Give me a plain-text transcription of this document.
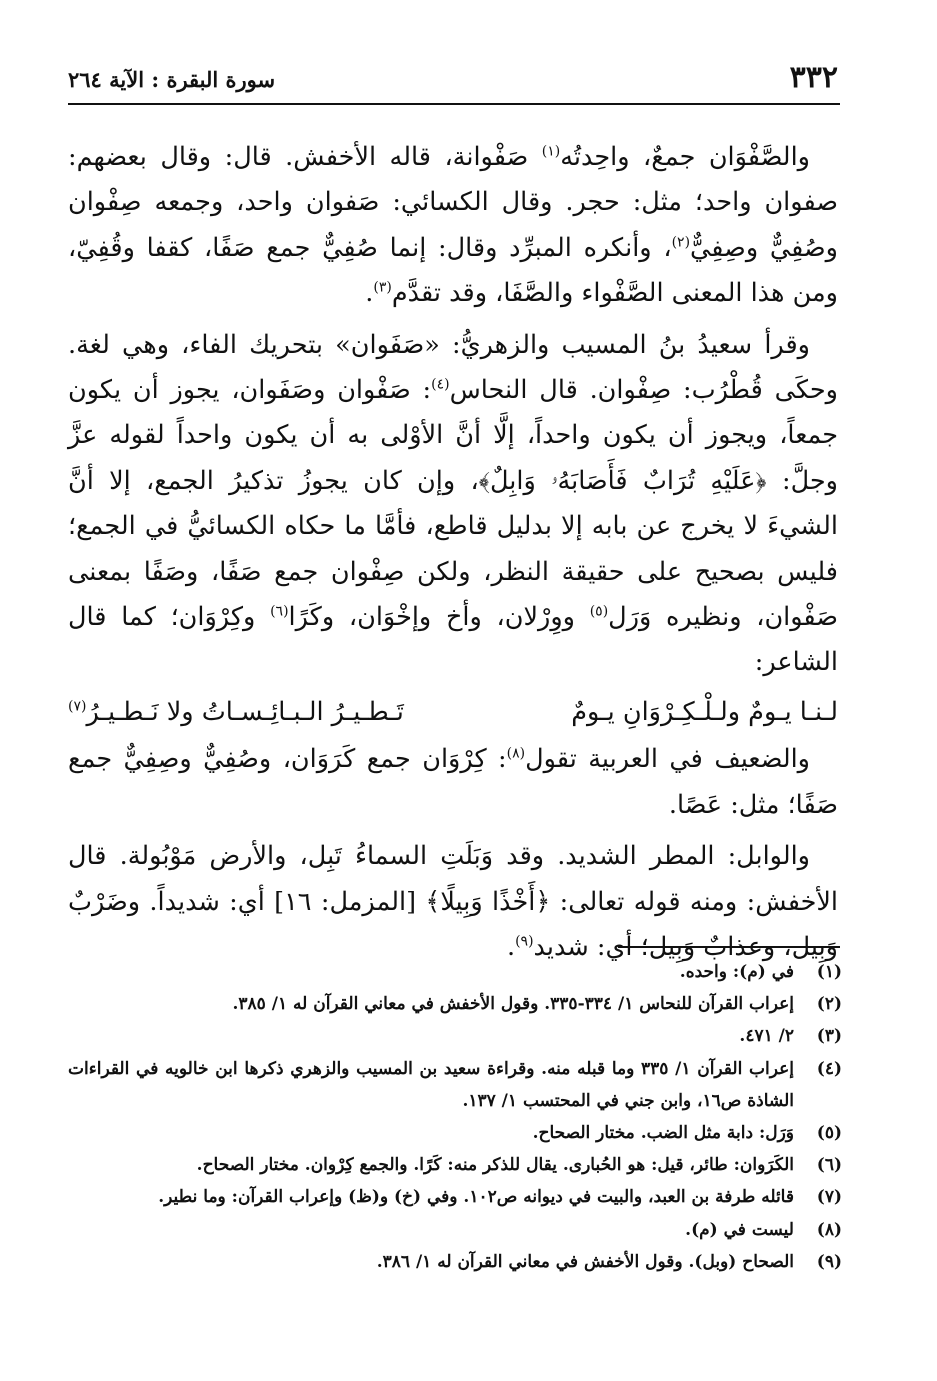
٣٣٢
سورة البقرة : الآية ٢٦٤

والصَّفْوَان جمعٌ، واحِدتُه$^{(١)}$ صَفْوانة، قاله الأخفش. قال: وقال بعضهم: صفوان واحد؛ مثل: حجر. وقال الكسائي: صَفوان واحد، وجمعه صِفْوان وصُفِيٌّ وصِفِيٌّ$^{(٢)}$، وأنكره المبرِّد وقال: إنما صُفِيٌّ جمع صَفًا، كقفا وقُفِيّ، ومن هذا المعنى الصَّفْواء والصَّفَا، وقد تقدَّم$^{(٣)}$.

وقرأ سعيدُ بنُ المسيب والزهريُّ: «صَفَوان» بتحريك الفاء، وهي لغة. وحكَى قُطْرُب: صِفْوان. قال النحاس$^{(٤)}$: صَفْوان وصَفَوان، يجوز أن يكون جمعاً، ويجوز أن يكون واحداً، إلَّا أنَّ الأوْلى به أن يكون واحداً لقوله عزَّ وجلَّ: ﴿عَلَيْهِ تُرَابٌ فَأَصَابَهُۥ وَابِلٌ﴾، وإن كان يجوزُ تذكيرُ الجمع، إلا أنَّ الشيءَ لا يخرج عن بابه إلا بدليل قاطع، فأمَّا ما حكاه الكسائيُّ في الجمع؛ فليس بصحيح على حقيقة النظر، ولكن صِفْوان جمع صَفًا، وصَفًا بمعنى صَفْوان، ونظيره وَرَل$^{(٥)}$ ووِرْلان، وأخ وإخْوَان، وكَرًا$^{(٦)}$ وكِرْوَان؛ كما قال الشاعر:

لـنـا يـومٌ ولـلْـكِـرْوَانِ يـومٌ
تَـطـيـرُ الـبـائِـسـاتُ ولا نَـطـيـرُ$^{(٧)}$

والضعيف في العربية تقول$^{(٨)}$: كِرْوَان جمع كَرَوَان، وصُفِيٌّ وصِفِيٌّ جمع صَفًا؛ مثل: عَصًا.

والوابل: المطر الشديد. وقد وَبَلَتِ السماءُ تَبِل، والأرض مَوْبُولة. قال الأخفش: ومنه قوله تعالى: ﴿أَخْذًا وَبِيلًا﴾ [المزمل: ١٦] أي: شديداً. وضَرْبٌ وَبِيل، وعذابٌ وَبِيل؛ أي: شديد$^{(٩)}$.

(١)
في (م): واحده.
(٢)
إعراب القرآن للنحاس ١/ ٣٣٤-٣٣٥. وقول الأخفش في معاني القرآن له ١/ ٣٨٥.
(٣)
٢/ ٤٧١.
(٤)
إعراب القرآن ١/ ٣٣٥ وما قبله منه. وقراءة سعيد بن المسيب والزهري ذكرها ابن خالويه في القراءات الشاذة ص١٦، وابن جني في المحتسب ١/ ١٣٧.
(٥)
وَرَل: دابة مثل الضب. مختار الصحاح.
(٦)
الكَرَوان: طائر، قيل: هو الحُبارى. يقال للذكر منه: كَرًا. والجمع كِرْوان. مختار الصحاح.
(٧)
قائله طرفة بن العبد، والبيت في ديوانه ص١٠٢. وفي (خ) و(ظ) وإعراب القرآن: وما نطير.
(٨)
ليست في (م).
(٩)
الصحاح (وبل). وقول الأخفش في معاني القرآن له ١/ ٣٨٦.
